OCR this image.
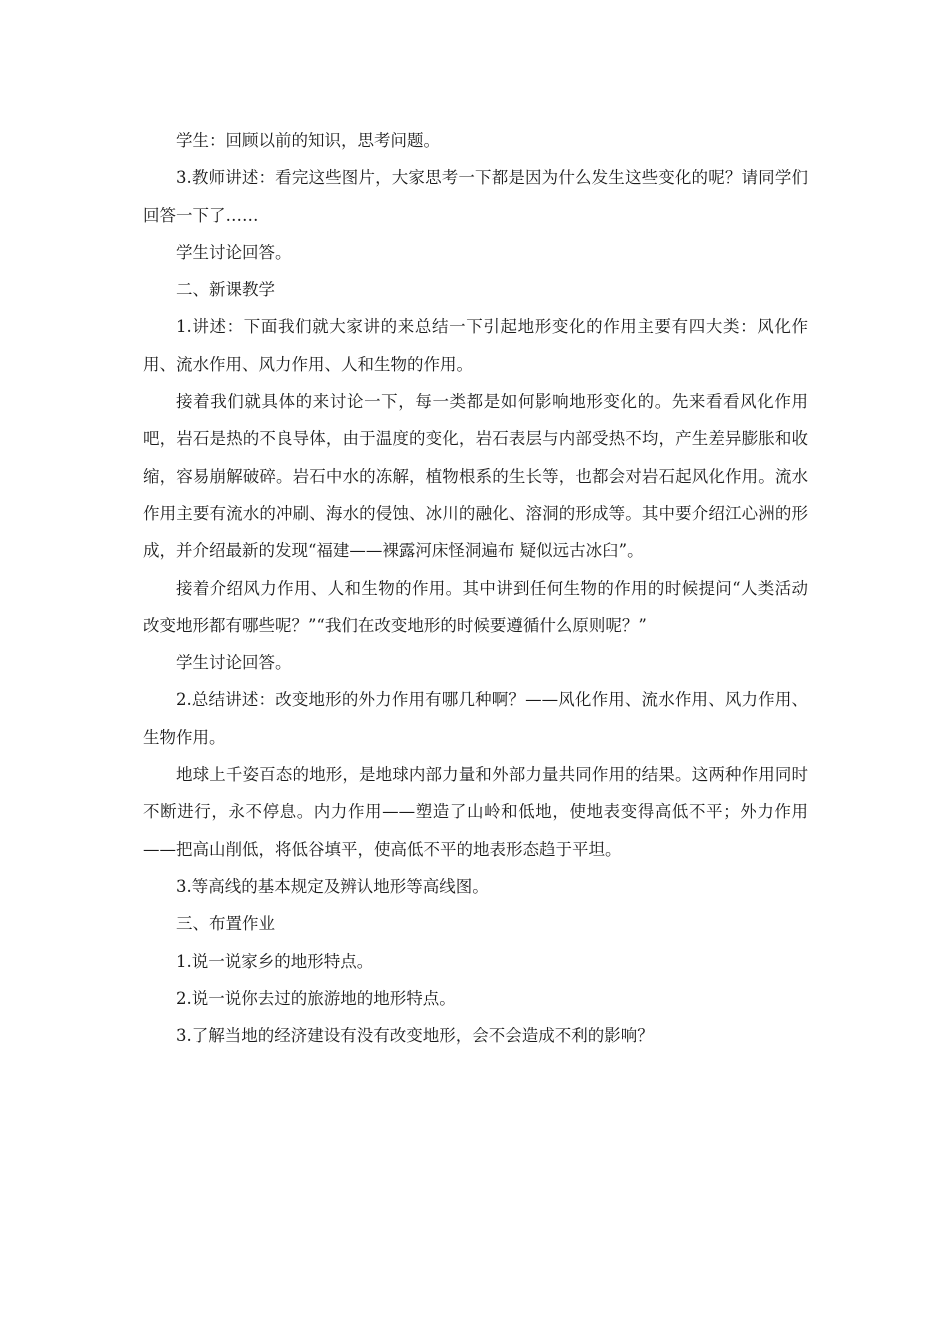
学生：回顾以前的知识，思考问题。

3.教师讲述：看完这些图片，大家思考一下都是因为什么发生这些变化的呢？请同学们回答一下了……

学生讨论回答。

二、新课教学

1.讲述：下面我们就大家讲的来总结一下引起地形变化的作用主要有四大类：风化作用、流水作用、风力作用、人和生物的作用。

接着我们就具体的来讨论一下，每一类都是如何影响地形变化的。先来看看风化作用吧，岩石是热的不良导体，由于温度的变化，岩石表层与内部受热不均，产生差异膨胀和收缩，容易崩解破碎。岩石中水的冻解，植物根系的生长等，也都会对岩石起风化作用。流水作用主要有流水的冲刷、海水的侵蚀、冰川的融化、溶洞的形成等。其中要介绍江心洲的形成，并介绍最新的发现“福建——裸露河床怪洞遍布 疑似远古冰臼”。

接着介绍风力作用、人和生物的作用。其中讲到任何生物的作用的时候提问“人类活动改变地形都有哪些呢？”“我们在改变地形的时候要遵循什么原则呢？”

学生讨论回答。

2.总结讲述：改变地形的外力作用有哪几种啊？——风化作用、流水作用、风力作用、生物作用。

地球上千姿百态的地形，是地球内部力量和外部力量共同作用的结果。这两种作用同时不断进行，永不停息。内力作用——塑造了山岭和低地，使地表变得高低不平；外力作用——把高山削低，将低谷填平，使高低不平的地表形态趋于平坦。

3.等高线的基本规定及辨认地形等高线图。

三、布置作业

1.说一说家乡的地形特点。

2.说一说你去过的旅游地的地形特点。

3.了解当地的经济建设有没有改变地形，会不会造成不利的影响？
